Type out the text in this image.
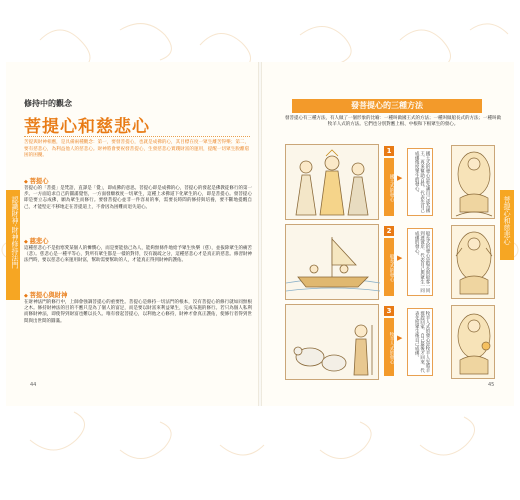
認識財神·財神修持法門
修持中的觀念
菩提心和慈悲心
苦提與財神相應，是具備兩種觀念：第一，要發菩提心，也就是成佛的心，其目標在度一眾生離苦得樂；第二，要有慈悲心，為利益他人的慈悲心。財神將會要祝發菩提心，生發慈悲心實踐財富的運用，提醒一切眾生脫離窮困的困擾。
◆ 菩提心
菩提心的「菩提」是梵語，直譯是「覺」，即成佛的意思。菩提心即是成佛的心，菩提心的發起是佛教徒修行的第一步。一方面追求自己的圓滿覺悟，一方面發願救度一切眾生，這種上求佛道下化眾生的心，即是菩提心。發菩提心即是要立志成佛，願為眾生而修行。要發菩提心並非一件容易的事，需要長時間的修持與培養，要不斷地提醒自己，才能堅定不移地走在菩提道上，不會因為困難而退失道心。
◆ 慈悲心
這種慈悲心不是指寒愛某個人的憐憫心，而是要能捨己為人，能夠無條件地給予眾生快樂（慈），並拔除眾生的痛苦（悲）。慈悲心是一種平等心，對所有眾生都是一樣的對待，沒有親疏之分，這種慈悲心才是真正的慈悲。修習財神法門時，要以慈悲心來運用財富，幫助需要幫助的人，才能真正得到財神的護佑。
◆ 菩提心與財神
在財神法門的修行中，上師會強調菩提心的重要性。菩提心是修持一切法門的根本，沒有菩提心的修行就如同無根之木。修持財神法的目的不應只是為了個人的富足，而是要以財富來利益眾生，完成布施的修行。若只為個人私利而修財神法，即使得到財富也難以長久。唯有發起菩提心，以利他之心修持，財神才會真正護佑，使修行者得到世間與出世間的圓滿。
44
菩提心和慈悲心
發菩提心的三種方法
發菩提心有三種方法，有人做了一個形象的比喻：一種叫做國王式的方法；一種叫做船長式的方法；一種叫做牧羊人式的方法。它們也分別對應上根、中根和下根眾生的發心。
1
國王式的發心 ▶	國王式的發心是先讓自己成為國王，再來幫助百姓，代表先自己成佛後度眾生的發心。
2
船長式的發心 ▶	船長式的發心是船長與船客一同到達彼岸，代表自己與眾生一同成佛的發心。
3
牧羊人式的發心 ▶	牧羊人式的發心是牧羊人先將羊群趕回家，自己最後才回來，代表先度眾生後自己成佛。
45
